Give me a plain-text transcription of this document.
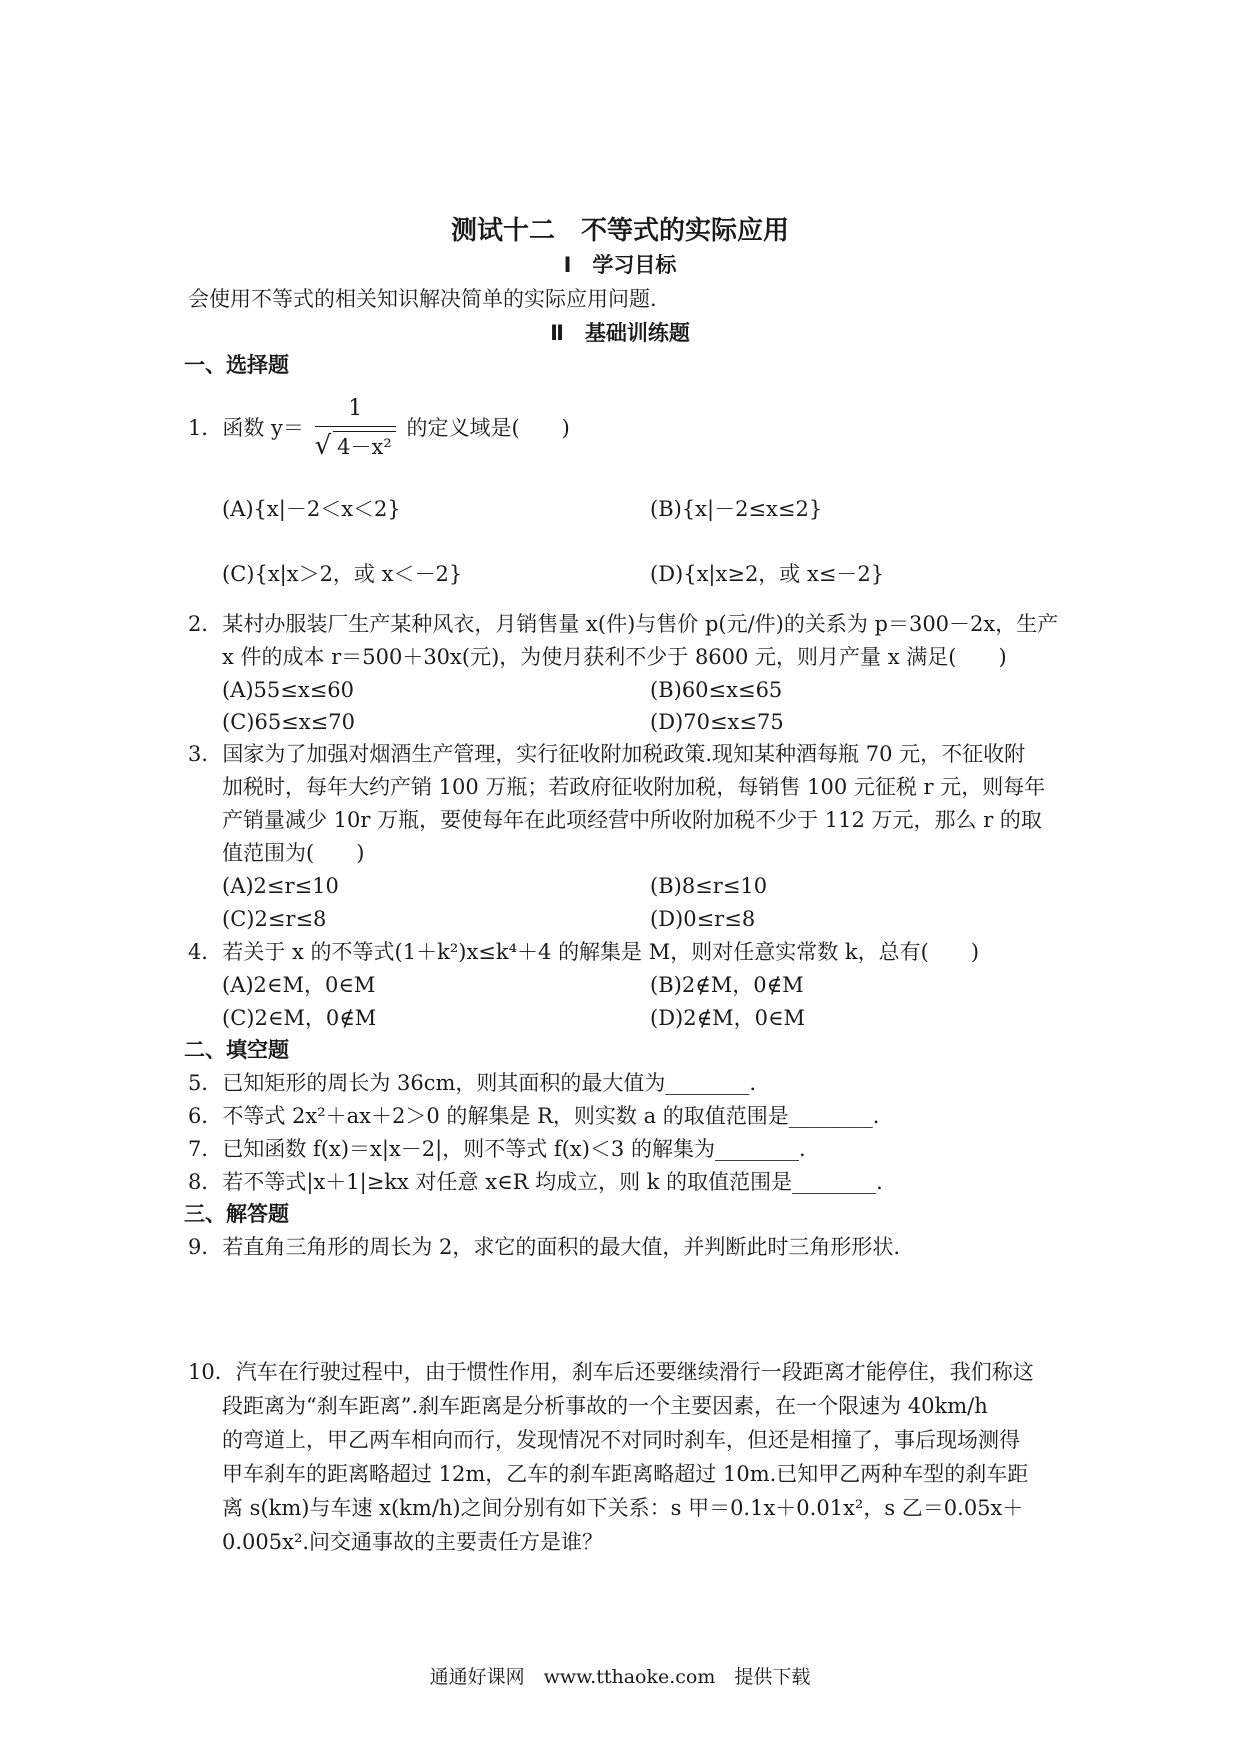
测试十二　不等式的实际应用
Ⅰ　学习目标
会使用不等式的相关知识解决简单的实际应用问题.
Ⅱ　基础训练题
一、选择题
1．函数 $y= \frac{1}{\text{√ 4－x²}}$ 的定义域是(　　)
(A){x|－2＜x＜2}	(B){x|－2≤x≤2}
(C){x|x＞2，或 x＜－2}	(D){x|x≥2，或 x≤－2}
2．某村办服装厂生产某种风衣，月销售量 x(件)与售价 p(元/件)的关系为 p＝300－2x，生产
x 件的成本 r＝500＋30x(元)，为使月获利不少于 8600 元，则月产量 x 满足(　　)
(A)55≤x≤60	(B)60≤x≤65
(C)65≤x≤70	(D)70≤x≤75
3．国家为了加强对烟酒生产管理，实行征收附加税政策.现知某种酒每瓶 70 元，不征收附
加税时，每年大约产销 100 万瓶；若政府征收附加税，每销售 100 元征税 r 元，则每年
产销量减少 10r 万瓶，要使每年在此项经营中所收附加税不少于 112 万元，那么 r 的取
值范围为(　　)
(A)2≤r≤10	(B)8≤r≤10
(C)2≤r≤8	(D)0≤r≤8
4．若关于 x 的不等式(1＋k²)x≤k⁴＋4 的解集是 M，则对任意实常数 k，总有(　　)
(A)2∈M，0∈M	(B)2∉M，0∉M
(C)2∈M，0∉M	(D)2∉M，0∈M
二、填空题
5．已知矩形的周长为 36cm，则其面积的最大值为________.
6．不等式 2x²＋ax＋2＞0 的解集是 R，则实数 a 的取值范围是________.
7．已知函数 f(x)＝x|x－2|，则不等式 f(x)＜3 的解集为________.
8．若不等式|x＋1|≥kx 对任意 x∈R 均成立，则 k 的取值范围是________.
三、解答题
9．若直角三角形的周长为 2，求它的面积的最大值，并判断此时三角形形状.
10．汽车在行驶过程中，由于惯性作用，刹车后还要继续滑行一段距离才能停住，我们称这
段距离为“刹车距离”.刹车距离是分析事故的一个主要因素，在一个限速为 40km/h
的弯道上，甲乙两车相向而行，发现情况不对同时刹车，但还是相撞了，事后现场测得
甲车刹车的距离略超过 12m，乙车的刹车距离略超过 10m.已知甲乙两种车型的刹车距
离 s(km)与车速 x(km/h)之间分别有如下关系：s 甲＝0.1x＋0.01x²，s 乙＝0.05x＋
0.005x².问交通事故的主要责任方是谁？
通通好课网　www.tthaoke.com　提供下载
